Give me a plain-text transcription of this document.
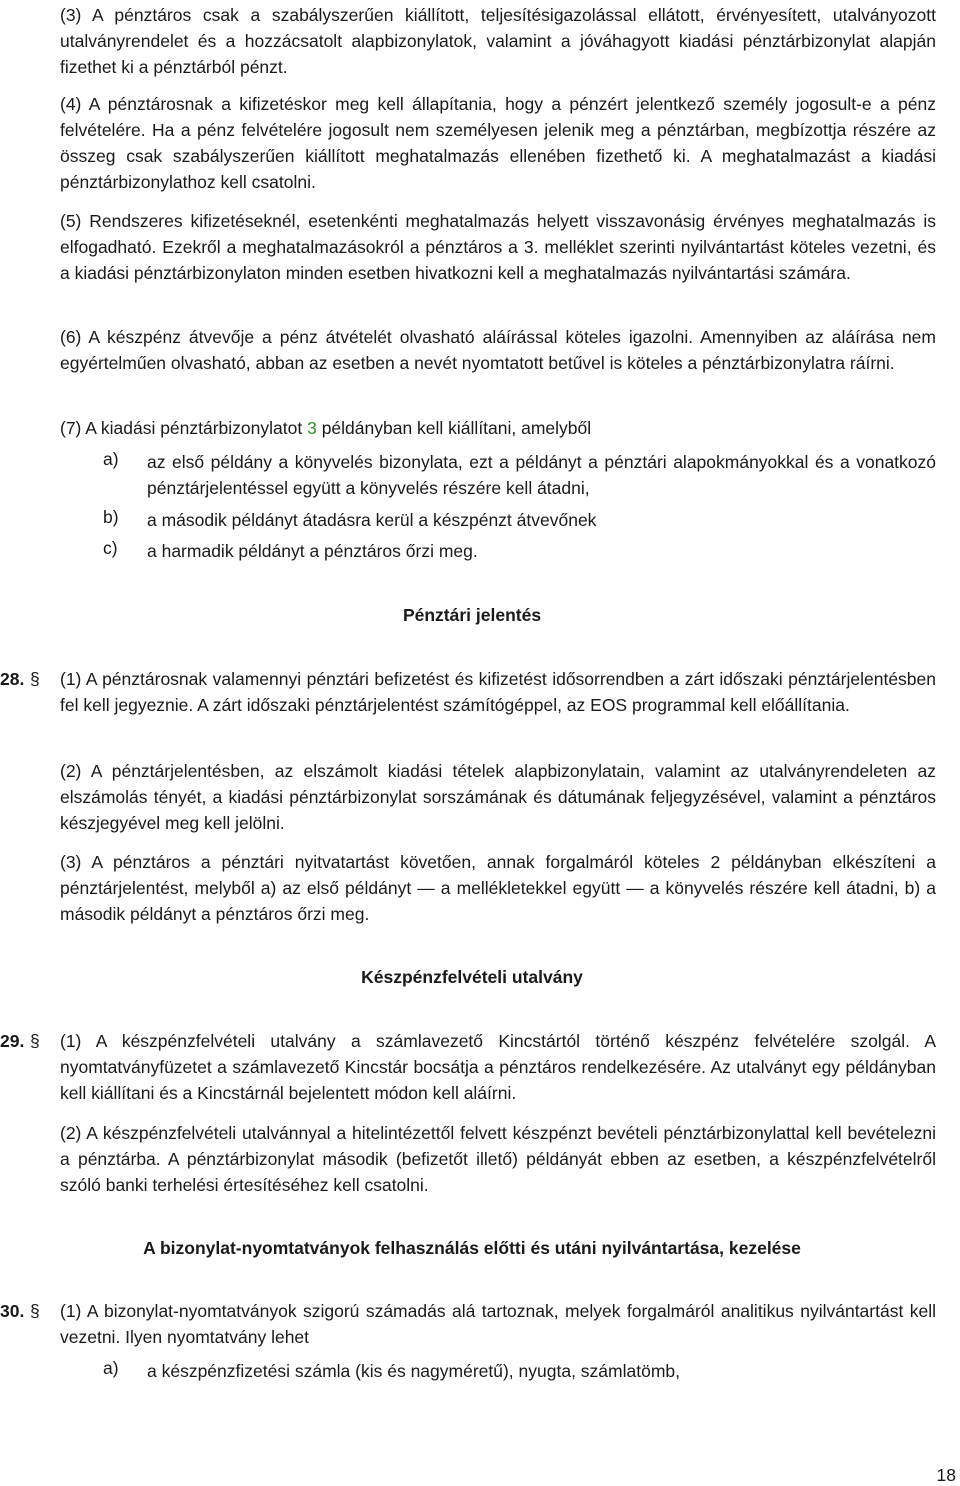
(3) A pénztáros csak a szabályszerűen kiállított, teljesítésigazolással ellátott, érvényesített, utalványozott utalványrendelet és a hozzácsatolt alapbizonylatok, valamint a jóváhagyott kiadási pénztárbizonylat alapján fizethet ki a pénztárból pénzt.

(4) A pénztárosnak a kifizetéskor meg kell állapítania, hogy a pénzért jelentkező személy jogosult-e a pénz felvételére. Ha a pénz felvételére jogosult nem személyesen jelenik meg a pénztárban, megbízottja részére az összeg csak szabályszerűen kiállított meghatalmazás ellenében fizethető ki. A meghatalmazást a kiadási pénztárbizonylathoz kell csatolni.

(5) Rendszeres kifizetéseknél, esetenkénti meghatalmazás helyett visszavonásig érvényes meghatalmazás is elfogadható. Ezekről a meghatalmazásokról a pénztáros a 3. melléklet szerinti nyilvántartást köteles vezetni, és a kiadási pénztárbizonylaton minden esetben hivatkozni kell a meghatalmazás nyilvántartási számára.

(6) A készpénz átvevője a pénz átvételét olvasható aláírással köteles igazolni. Amennyiben az aláírása nem egyértelműen olvasható, abban az esetben a nevét nyomtatott betűvel is köteles a pénztárbizonylatra ráírni.

(7) A kiadási pénztárbizonylatot 3 példányban kell kiállítani, amelyből

a)	az első példány a könyvelés bizonylata, ezt a példányt a pénztári alapokmányokkal és a vonatkozó pénztárjelentéssel együtt a könyvelés részére kell átadni,

b)	a második példányt átadásra kerül a készpénzt átvevőnek

c)	a harmadik példányt a pénztáros őrzi meg.

Pénztári jelentés
28. §	(1) A pénztárosnak valamennyi pénztári befizetést és kifizetést idősorrendben a zárt időszaki pénztárjelentésben fel kell jegyeznie. A zárt időszaki pénztárjelentést számítógéppel, az EOS programmal kell előállítania.

(2) A pénztárjelentésben, az elszámolt kiadási tételek alapbizonylatain, valamint az utalványrendeleten az elszámolás tényét, a kiadási pénztárbizonylat sorszámának és dátumának feljegyzésével, valamint a pénztáros készjegyével meg kell jelölni.

(3) A pénztáros a pénztári nyitvatartást követően, annak forgalmáról köteles 2 példányban elkészíteni a pénztárjelentést, melyből a) az első példányt — a mellékletekkel együtt — a könyvelés részére kell átadni, b) a második példányt a pénztáros őrzi meg.

Készpénzfelvételi utalvány
29. §	(1) A készpénzfelvételi utalvány a számlavezető Kincstártól történő készpénz felvételére szolgál. A nyomtatványfüzetet a számlavezető Kincstár bocsátja a pénztáros rendelkezésére. Az utalványt egy példányban kell kiállítani és a Kincstárnál bejelentett módon kell aláírni.

(2) A készpénzfelvételi utalvánnyal a hitelintézettől felvett készpénzt bevételi pénztárbizonylattal kell bevételezni a pénztárba. A pénztárbizonylat második (befizetőt illető) példányát ebben az esetben, a készpénzfelvételről szóló banki terhelési értesítéséhez kell csatolni.

A bizonylat-nyomtatványok felhasználás előtti és utáni nyilvántartása, kezelése
30. §	(1) A bizonylat-nyomtatványok szigorú számadás alá tartoznak, melyek forgalmáról analitikus nyilvántartást kell vezetni. Ilyen nyomtatvány lehet

a)	a készpénzfizetési számla (kis és nagyméretű), nyugta, számlatömb,

18
